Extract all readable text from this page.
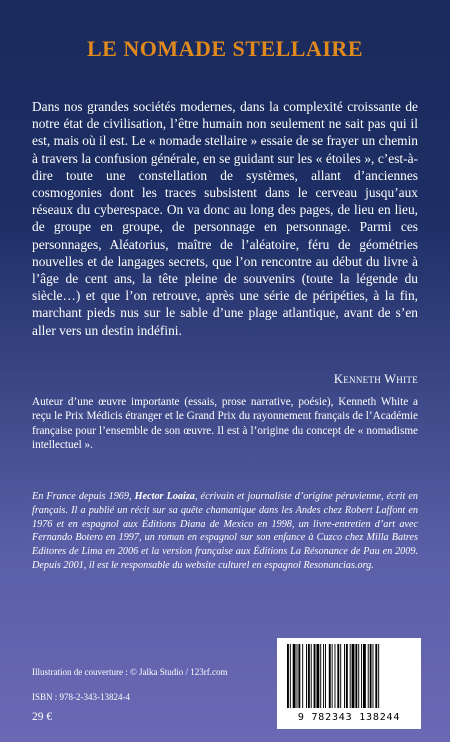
LE NOMADE STELLAIRE

Dans nos grandes sociétés modernes, dans la complexité croissante de notre état de civilisation, l’être humain non seulement ne sait pas qui il est, mais où il est. Le « nomade stellaire » essaie de se frayer un chemin à travers la confusion générale, en se guidant sur les « étoiles », c’est-à-dire toute une constellation de systèmes, allant d’anciennes cosmogonies dont les traces subsistent dans le cerveau jusqu’aux réseaux du cyberespace. On va donc au long des pages, de lieu en lieu, de groupe en groupe, de personnage en personnage. Parmi ces personnages, Aléatorius, maître de l’aléatoire, féru de géométries nouvelles et de langages secrets, que l’on rencontre au début du livre à l’âge de cent ans, la tête pleine de souvenirs (toute la légende du siècle…) et que l’on retrouve, après une série de péripéties, à la fin, marchant pieds nus sur le sable d’une plage atlantique, avant de s’en aller vers un destin indéfini.

Kenneth White

Auteur d’une œuvre importante (essais, prose narrative, poésie), Kenneth White a reçu le Prix Médicis étranger et le Grand Prix du rayonnement français de l’Académie française pour l’ensemble de son œuvre. Il est à l’origine du concept de « nomadisme intellectuel ».

En France depuis 1969, Hector Loaiza, écrivain et journaliste d’origine péruvienne, écrit en français. Il a publié un récit sur sa quête chamanique dans les Andes chez Robert Laffont en 1976 et en espagnol aux Éditions Diana de Mexico en 1998, un livre-entretien d’art avec Fernando Botero en 1997, un roman en espagnol sur son enfance à Cuzco chez Milla Batres Editores de Lima en 2006 et la version française aux Éditions La Résonance de Pau en 2009. Depuis 2001, il est le responsable du website culturel en espagnol Resonancias.org.

Illustration de couverture : © Jalka Studio / 123rf.com
ISBN : 978-2-343-13824-4
29 €	9 782343 138244
